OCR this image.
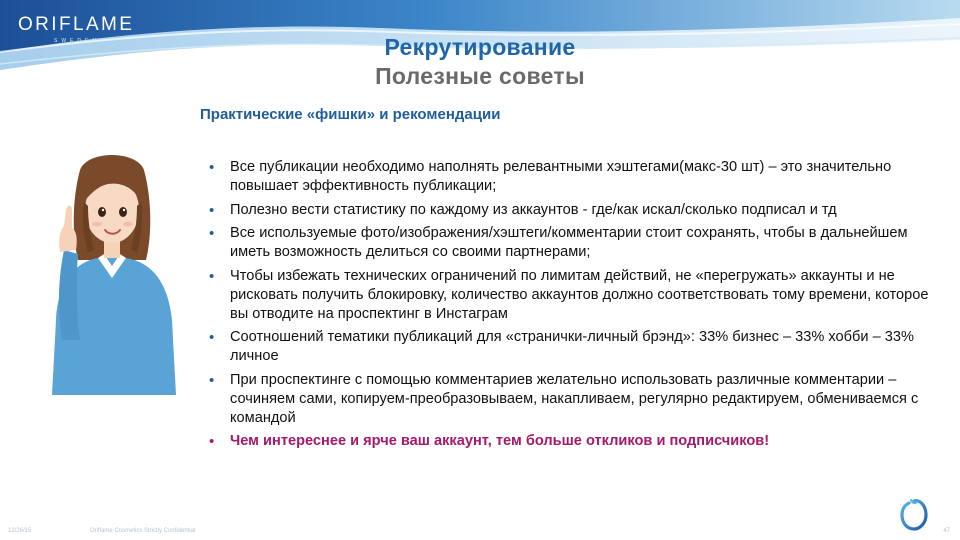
ORIFLAME
SWEDEN	Рекрутирование
Полезные советы
Практические «фишки» и рекомендации
• Все публикации необходимо наполнять релевантными хэштегами(макс-30 шт) – это значительно повышает эффективность публикации;
• Полезно вести статистику по каждому из аккаунтов - где/как искал/сколько подписал и тд
• Все используемые фото/изображения/хэштеги/комментарии стоит сохранять, чтобы в дальнейшем иметь возможность делиться со своими партнерами;
• Чтобы избежать технических ограничений по лимитам действий, не «перегружать» аккаунты и не рисковать получить блокировку, количество аккаунтов должно соответствовать тому времени, которое вы отводите на проспектинг в Инстаграм
• Соотношений тематики публикаций для «странички-личный брэнд»: 33% бизнес – 33% хобби – 33% личное
• При проспектинге с помощью комментариев желательно использовать различные комментарии – сочиняем сами, копируем-преобразовываем, накапливаем, регулярно редактируем, обмениваемся с командой
• Чем интереснее и ярче ваш аккаунт, тем больше откликов и подписчиков!
12/26/15	Oriflame Cosmetics Strictly Confidential	47
